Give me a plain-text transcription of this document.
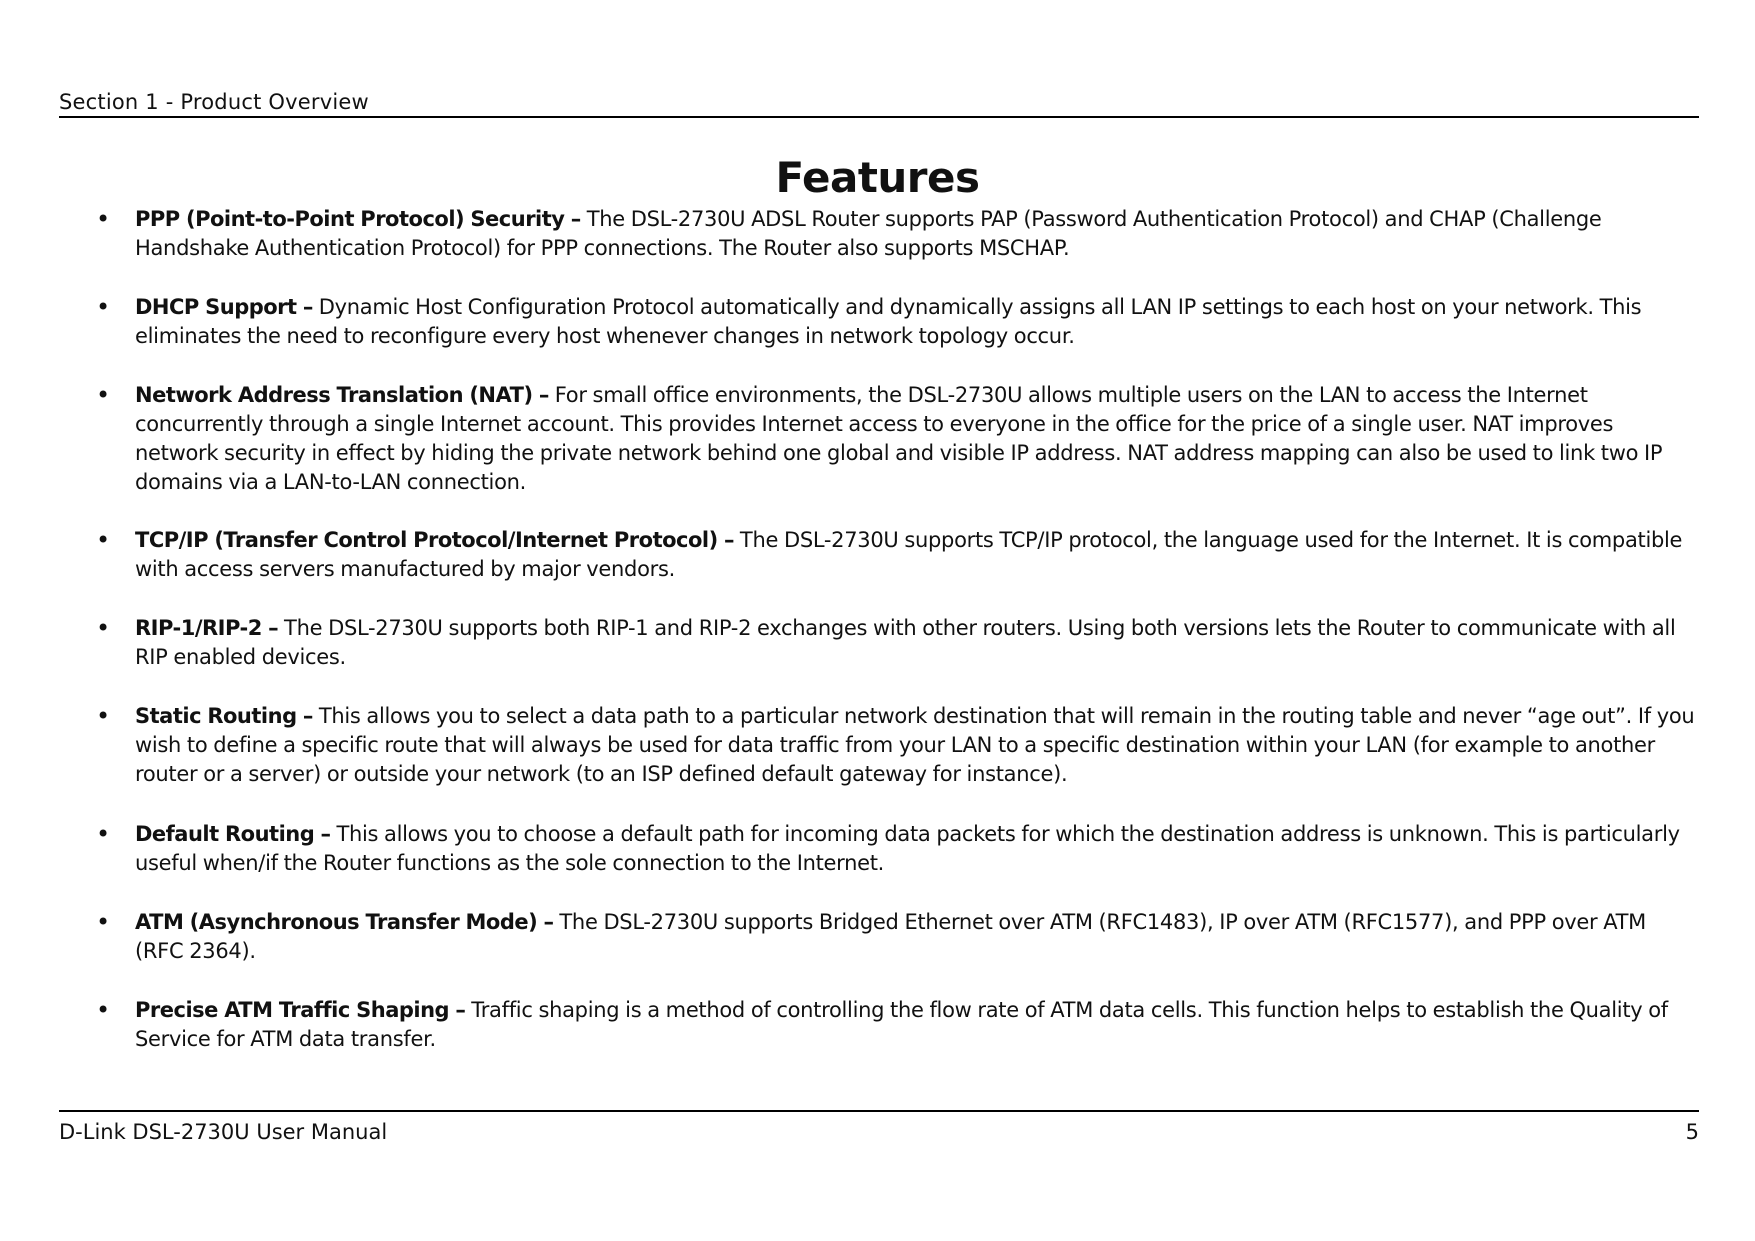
Section 1 - Product Overview
Features
• PPP (Point-to-Point Protocol) Security – The DSL-2730U ADSL Router supports PAP (Password Authentication Protocol) and CHAP (Challenge Handshake Authentication Protocol) for PPP connections. The Router also supports MSCHAP.
• DHCP Support – Dynamic Host Configuration Protocol automatically and dynamically assigns all LAN IP settings to each host on your network. This eliminates the need to reconfigure every host whenever changes in network topology occur.
• Network Address Translation (NAT) – For small office environments, the DSL-2730U allows multiple users on the LAN to access the Internet concurrently through a single Internet account. This provides Internet access to everyone in the office for the price of a single user. NAT improves network security in effect by hiding the private network behind one global and visible IP address. NAT address mapping can also be used to link two IP domains via a LAN-to-LAN connection.
• TCP/IP (Transfer Control Protocol/Internet Protocol) – The DSL-2730U supports TCP/IP protocol, the language used for the Internet. It is compatible with access servers manufactured by major vendors.
• RIP-1/RIP-2 – The DSL-2730U supports both RIP-1 and RIP-2 exchanges with other routers. Using both versions lets the Router to communicate with all RIP enabled devices.
• Static Routing – This allows you to select a data path to a particular network destination that will remain in the routing table and never “age out”. If you wish to define a specific route that will always be used for data traffic from your LAN to a specific destination within your LAN (for example to another router or a server) or outside your network (to an ISP defined default gateway for instance).
• Default Routing – This allows you to choose a default path for incoming data packets for which the destination address is unknown. This is particularly useful when/if the Router functions as the sole connection to the Internet.
• ATM (Asynchronous Transfer Mode) – The DSL-2730U supports Bridged Ethernet over ATM (RFC1483), IP over ATM (RFC1577), and PPP over ATM (RFC 2364).
• Precise ATM Traffic Shaping – Traffic shaping is a method of controlling the flow rate of ATM data cells. This function helps to establish the Quality of Service for ATM data transfer.
D-Link DSL-2730U User Manual	5
